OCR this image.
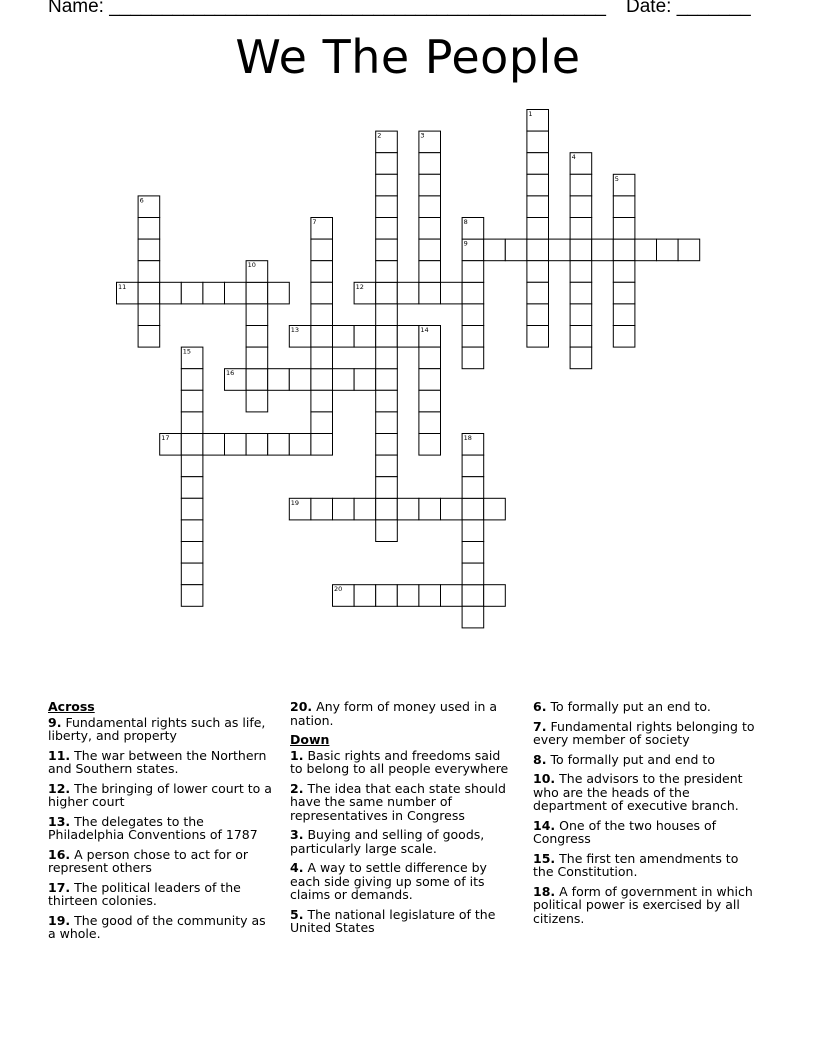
Name: _______________________________________________ Date: _______
We The People
9
11	12
13
16
17
19
20
1
2	3
4
5
6
7	8
10
14
15
18
Across
9. Fundamental rights such as life, liberty, and property
11. The war between the Northern and Southern states.
12. The bringing of lower court to a higher court
13. The delegates to the Philadelphia Conventions of 1787
16. A person chose to act for or represent others
17. The political leaders of the thirteen colonies.
19. The good of the community as a whole.
20. Any form of money used in a nation.
Down
1. Basic rights and freedoms said to belong to all people everywhere
2. The idea that each state should have the same number of representatives in Congress
3. Buying and selling of goods, particularly large scale.
4. A way to settle difference by each side giving up some of its claims or demands.
5. The national legislature of the United States
6. To formally put an end to.
7. Fundamental rights belonging to every member of society
8. To formally put and end to
10. The advisors to the president who are the heads of the department of executive branch.
14. One of the two houses of Congress
15. The first ten amendments to the Constitution.
18. A form of government in which political power is exercised by all citizens.
